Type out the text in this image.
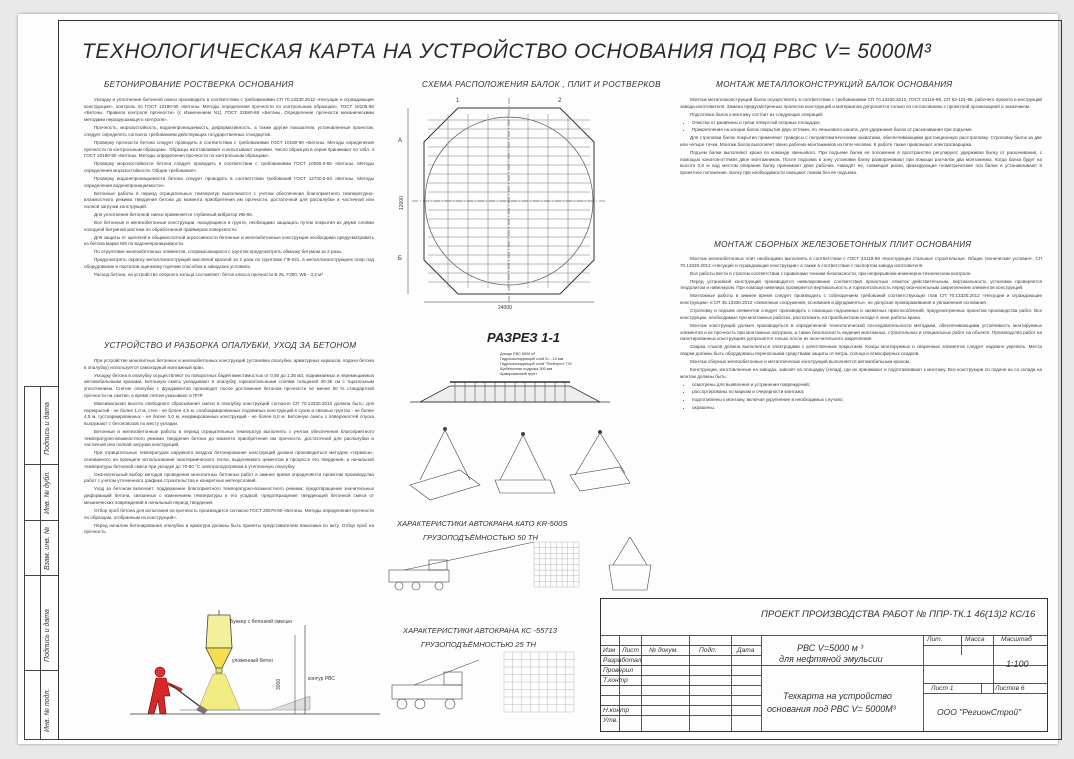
ТЕХНОЛОГИЧЕСКАЯ КАРТА НА УСТРОЙСТВО ОСНОВАНИЯ ПОД РВС V= 5000М³
БЕТОНИРОВАНИЕ РОСТВЕРКА ОСНОВАНИЯ

Укладку и уплотнение бетонной смеси производить в соответствии с требованиями СП 70.13330.2012 «Несущие и ограждающие конструкции», контроль по ГОСТ 10180-90 «Бетоны. Методы определения прочности по контрольным образцам», ГОСТ 18105-86 «Бетоны. Правила контроля прочности» (с Изменением N1), ГОСТ 22690-88 «Бетоны. Определение прочности механическими методами неразрушающего контроля».

Прочность, морозостойкость, водонепроницаемость, деформативность, а также другие показатели, установленные проектом, следует определять согласно требованиям действующих государственных стандартов.

Проверку прочности бетона следует проводить в соответствии с требованиями ГОСТ 10180-90 «Бетоны. Методы определения прочности по контрольным образцам». Образцы изготавливают и испытывают сериями. Число образцов в серии принимают по табл. 4 ГОСТ 10180-90 «Бетоны. Методы определения прочности по контрольным образцам».

Проверку морозостойкости бетона следует проводить в соответствии с требованиями ГОСТ 10060.0-95 «Бетоны. Методы определения морозостойкости. Общие требования».

Проверку водонепроницаемости бетона следует проводить в соответствии требований ГОСТ 12730.5-84 «Бетоны. Методы определения водонепроницаемости».

Бетонные работы в период отрицательных температур выполняются с учетом обеспечения благоприятного температурно-влажностного режима твердения бетона до момента приобретения им прочности, достаточной для распалубки и частичной или полной загрузки конструкций.

Для уплотнения бетонной смеси применяется глубинный вибратор ИВ-66.

Все бетонные и железобетонные конструкции, находящиеся в грунте, необходимо защищать путем покрытия их двумя слоями холодной битумной мастики по обработанной праймером поверхности.

Для защиты от щелочей и общекислотной агрессивности бетонные и железобетонные конструкции необходимо предусматривать из бетона марки W6 по водонепроницаемости.

По отрунтовке железобетонных элементов, соприкасающихся с грунтом предусмотреть обмазку битумом за 2 раза.

Предусмотреть окраску металлоконструкций масляной краской за 2 раза по грунтовке ГФ-021, в металлоконструкциях опор под оборудование и порталов оцинковку горячим способом в заводских условиях.

Расход бетона, на устройство опорного кольца составляет: бетон класса прочности В 25, F200, W6 - 3,2 м³

УСТРОЙСТВО И РАЗБОРКА ОПАЛУБКИ, УХОД ЗА БЕТОНОМ

При устройстве монолитных бетонных и железобетонных конструкций (установка опалубки, арматурных каркасов, подача бетона в опалубку) используется самоходный монтажный кран.

Укладку бетона в опалубку осуществляют по поворотных бадей вместимостью от 0,50 до 1,35 м3, поднимаемых и перемещаемых автомобильными кранами. Бетонную смесь укладывают в опалубку горизонтальными слоями толщиной 30-35 см с тщательным уплотнением. Снятие опалубки с фундаментов производят после достижения бетоном прочности не менее 50 % стандартной прочности на сжатие, а время снятия указывают в ППР.

Максимальная высота свободного сбрасывания смеси в опалубку конструкций согласно СП 70.13330.2012 должна быть: для перекрытий - не более 1,0 м, стен - не более 4,5 м, слабоармированных подземных конструкций в сухих и связных грунтах - не более 4,5 м, густоармированных - не более 3,0 м, неармированных конструкций - не более 6,0 м. Бетонную смесь с поверхностей спуска выгружают с бетоновозов по месту укладки.

Бетонные и железобетонные работы в период отрицательных температур выполнять с учетом обеспечения благоприятного температурно-влажностного режима твердения бетона до момента приобретения им прочности, достаточной для распалубки и частичной или полной загрузки конструкций.

При отрицательных температурах наружного воздуха бетонирование конструкций должно производиться методом «термоса», основанного на принципе использования экзотермического тепла, выделяемого цементом в процессе его твердения, и начальной температуры бетонной смеси при укладке до 70-80 °С электроподогревом в утепленную опалубку.

Окончательный выбор методов проведения монолитных бетонных работ в зимнее время определяется проектом производства работ с учетом уточненного графика строительства и конкретных метеоусловий.

Уход за бетоном включает: поддержание благоприятного температурно-влажностного режима; предотвращение значительных деформаций бетона, связанных с изменением температуры и его усадкой; предотвращение твердеющей бетонной смеси от механических повреждений в начальный период твердения.

Отбор проб бетона для испытания на прочность производится согласно ГОСТ 28570-90 «Бетоны. Методы определения прочности по образцам, отобранным из конструкций».

Перед началом бетонирования опалубка и арматура должны быть приняты представителем Заказчика по акту. Отбор проб на прочность.

Бункер с бетонной смесью
уложенный бетон
контур РВС
3000
СХЕМА РАСПОЛОЖЕНИЯ БАЛОК , ПЛИТ И РОСТВЕРКОВ
24000
12000
А
Б
1	2
РАЗРЕЗ 1-1
Днище РВС 5000 м³
Гидроизолирующий слой δ=...10 мм
Гидроизолирующий слой "Пенетрон" ПЭ
Щебеночная подушка 300 мм
Армированный грунт
ХАРАКТЕРИСТИКИ АВТОКРАНА КАТО KR-500S
ГРУЗОПОДЪЁМНОСТЬЮ 50 ТН
ХАРАКТЕРИСТИКИ АВТОКРАНА КС -55713
ГРУЗОПОДЪЁМНОСТЬЮ 25 ТН
МОНТАЖ МЕТАЛЛОКОНСТРУКЦИЙ БАЛОК ОСНОВАНИЯ

Монтаж металлоконструкций балок осуществлять в соответствии с требованиями СП 70.13330.2012, ГОСТ 23118-99, СП 53-101-98, рабочего проекта и инструкций завода-изготовителя. Замена предусмотренных проектом конструкций и материалов допускается только по согласованию с проектной организацией и заказчиком.

Подготовка балок к монтажу состоит из следующих операций:

• Очистки от ржавчины и грязи отверстий опорных площадок;
• Прикрепления на конции балок покрытия двух оттяжек, по ленькового каната, для удержания балок от раскачивания при подъеме.

Для строповки балок покрытия применяют траверсы с полуавтоматическими захватами, обеспечивающими дистанционную расстроповку. Строповку балок за две или четыре точки. Монтаж балок выполняет звено рабочих-монтажников из пяти человек. К работе также привлекают электросварщика.

Подъем балки выполняют крана по команде звеньевого. При подъеме балки ее положение в пространстве регулируют, удерживая балку от раскачивания, с помощью канатов-оттяжек двое монтажников. После подъема в зону установки балку разворачивают при помощи расчалок два монтажника. Когда балка будет на высоте 0,6 м над местом опирания балку принимают двое рабочих. Наводят ее, совмещая риски, фиксирующие геометрические оси балки и устанавливают в проектное положение. Балку при необходимости смещают ломом без ее подъема.

МОНТАЖ СБОРНЫХ ЖЕЛЕЗОБЕТОННЫХ ПЛИТ ОСНОВАНИЯ

Монтаж железобетонных плит необходимо выполнять в соответствии с ГОСТ 23118-99 «Конструкции стальные строительные. Общие технические условия», СП 70.13330.2012 «Несущие и ограждающие конструкции» а также в соответствии с паспортом завода изготовителя.

Все работы вести в строгом соответствии с правилами техники безопасности, при непрерывном инженерно-техническом контроле.

Перед установкой конструкций производится нивелирование соответствия проектных отметок действительным, вертикальность установки проверяется теодолитом и нивелиром. При помощи нивелира проверяется вертикальность и горизонтальность перед окончательным закреплением элементов конструкций.

Монтажные работы в зимнее время следует производить с соблюдением требований соответствующих глав СП 70.13330.2012 «Несущие и ограждающие конструкции» и СП 45.13330.2012 «Земляные сооружения, основания и фундаменты», не допуская промораживания и увлажнения основания.

Строповку и подъем элементов следует производить с помощью подъемных и захватных приспособлений, предусмотренных проектом производства работ. Все конструкции, необходимые при монтажных работах, расположить на приобъектном складе в зоне работы крана.

Монтаж конструкций должен производиться в определенной технологической последовательности методами, обеспечивающими устойчивость монтируемых элементов и их прочность при монтажных нагрузках, а также безопасность ведения монтажных, строительных и специальных работ на объекте. Производство работ на смонтированных конструкциях допускается только после их окончательного закрепления.

Сварка стыков должна выполняться электродами с качественным покрытием. Концы монтируемых и сваренные элементов следует надежно укрепить. Места сварки должны быть оборудованы переносными средствами защиты от ветра, солнца и атмосферных осадков.

Монтаж сборных железобетонных и металлических конструкций выполняется автомобильным краном.

Конструкции, изготовленные на заводах, завозят на площадку (склад), где их принимают и подготавливают к монтажу. Все конструкции по подаче их со склада на монтаж должны быть:

• осмотрены для выявления и устранения повреждений;
• рассортированы по маркам и очередности монтажа;
• подготовлены к монтажу, включая укрупнение в необходимых случаях;
• окрашены.
Подпись и дата
Инв. № дубл.
Взам. инв. №
Подпись и дата
Инв. № подл.
ПРОЕКТ ПРОИЗВОДСТВА РАБОТ № ППР-ТК.1 46(13)2 КС/16
РВС V=5000 м ³
для нефтяной эмульсии
Техкарта на устройство
основания под РВС V= 5000М³	ООО "РегионСтрой"
Лит.	Масса	Масштаб
1:100
Лист 1	Листов 6
Изм Лист № докум.	Подп.	Дата
Разработал
Проверил
Т.контр
Н.контр
Утв.
